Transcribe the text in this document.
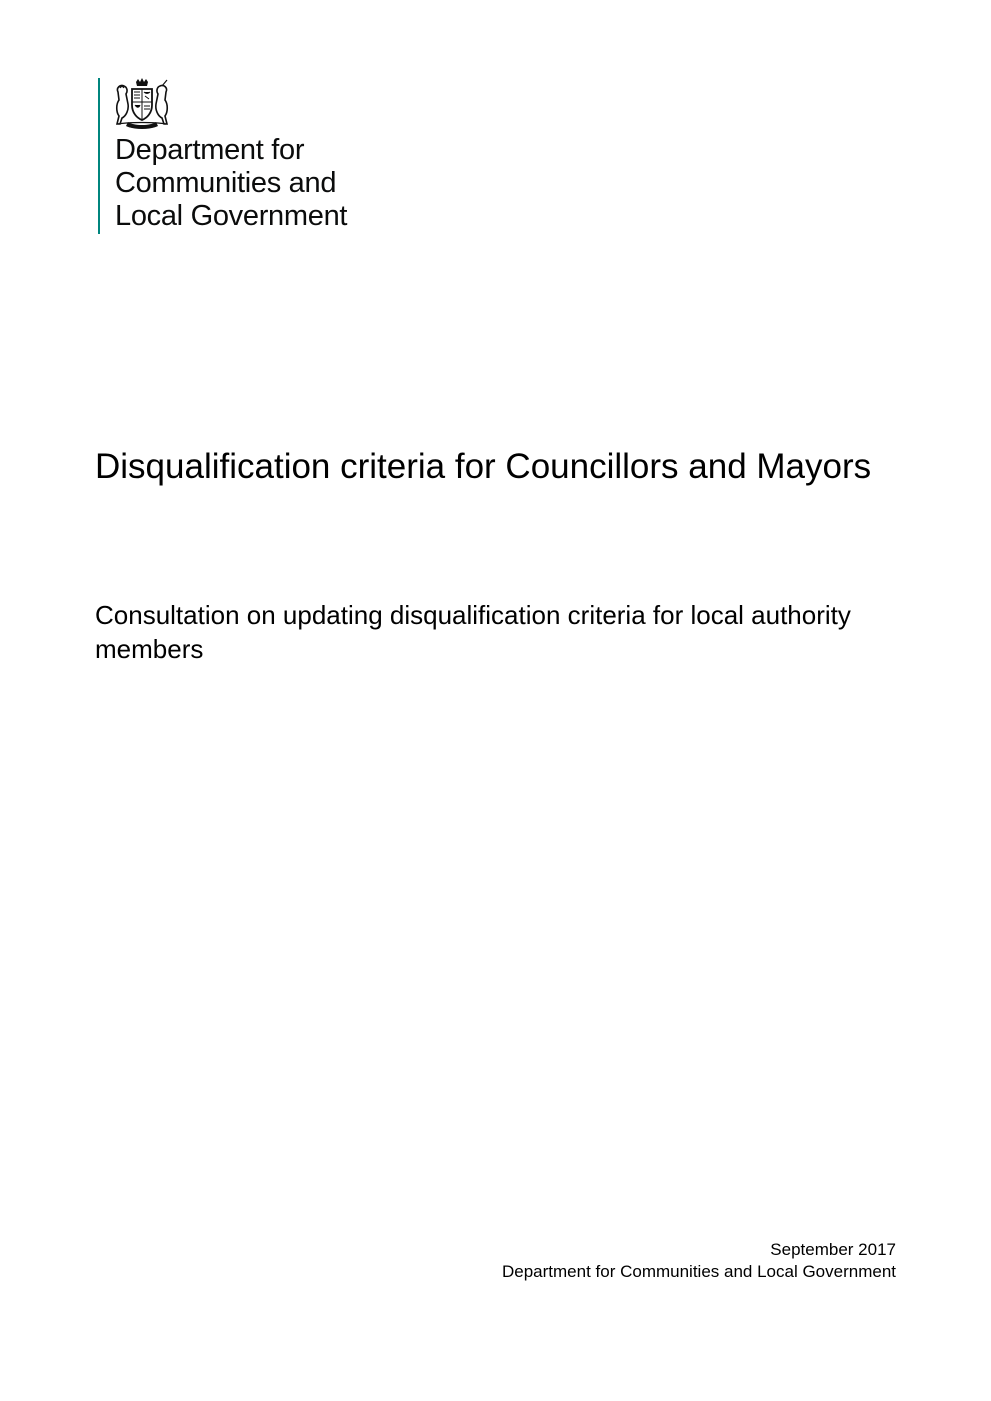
Department for
Communities and
Local Government
Disqualification criteria for Councillors and Mayors
Consultation on updating disqualification criteria for local authority members
September 2017
Department for Communities and Local Government
